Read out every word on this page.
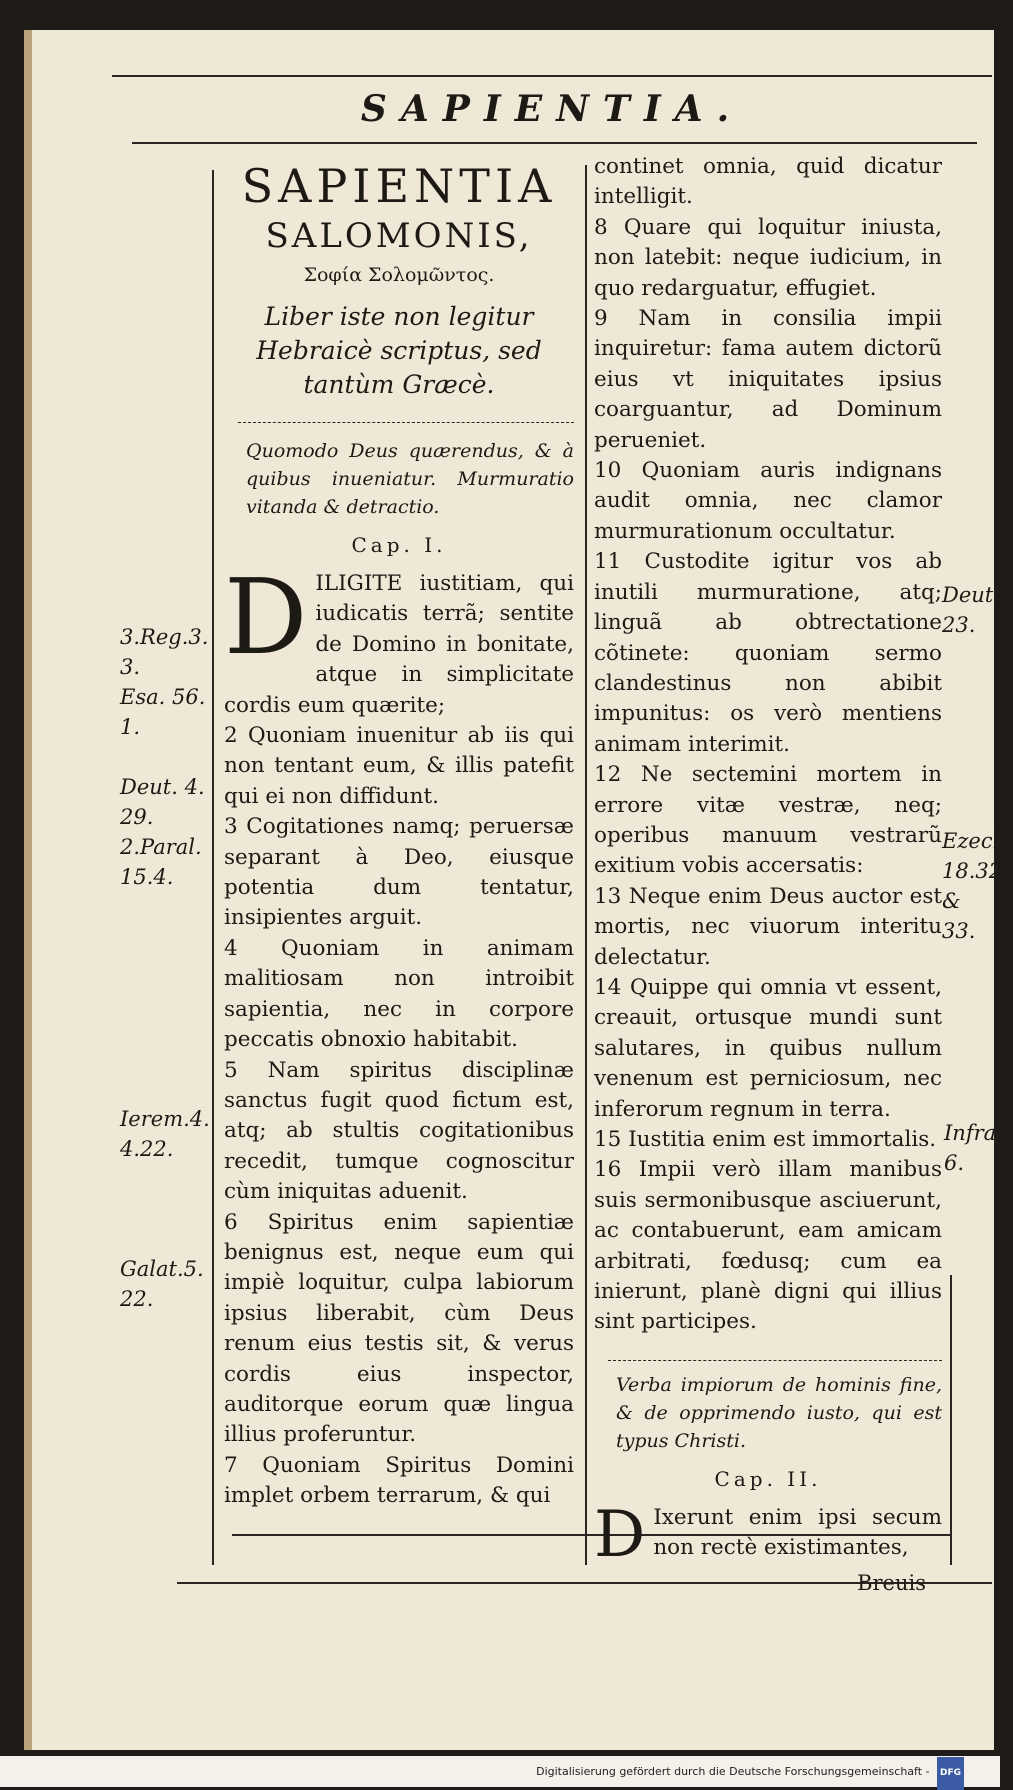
SAPIENTIA.
SAPIENTIA
SALOMONIS,
Σοφία Σολομῶντος.
Liber iste non legitur Hebraicè scriptus, sed tantùm Græcè.
Quomodo Deus quærendus, & à quibus inueniatur. Murmuratio vitanda & detractio.
Cap. I.

D ILIGITE iustitiam, qui iudicatis terrã; sentite de Domino in bonitate, atque in simplicitate cordis eum quærite;

2 Quoniam inuenitur ab iis qui non tentant eum, & illis patefit qui ei non diffidunt.

3 Cogitationes namq; peruersæ separant à Deo, eiusque potentia dum tentatur, insipientes arguit.

4 Quoniam in animam malitiosam non introibit sapientia, nec in corpore peccatis obnoxio habitabit.

5 Nam spiritus disciplinæ sanctus fugit quod fictum est, atq; ab stultis cogitationibus recedit, tumque cognoscitur cùm iniquitas aduenit.

6 Spiritus enim sapientiæ benignus est, neque eum qui impiè loquitur, culpa labiorum ipsius liberabit, cùm Deus renum eius testis sit, & verus cordis eius inspector, auditorque eorum quæ lingua illius proferuntur.

7 Quoniam Spiritus Domini implet orbem terrarum, & qui

continet omnia, quid dicatur intelligit.

8 Quare qui loquitur iniusta, non latebit: neque iudicium, in quo redarguatur, effugiet.

9 Nam in consilia impii inquiretur: fama autem dictorũ eius vt iniquitates ipsius coarguantur, ad Dominum perueniet.

10 Quoniam auris indignans audit omnia, nec clamor murmurationum occultatur.

11 Custodite igitur vos ab inutili murmuratione, atq; linguã ab obtrectatione cõtinete: quoniam sermo clandestinus non abibit impunitus: os verò mentiens animam interimit.

12 Ne sectemini mortem in errore vitæ vestræ, neq; operibus manuum vestrarũ exitium vobis accersatis:

13 Neque enim Deus auctor est mortis, nec viuorum interitu delectatur.

14 Quippe qui omnia vt essent, creauit, ortusque mundi sunt salutares, in quibus nullum venenum est perniciosum, nec inferorum regnum in terra.

15 Iustitia enim est immortalis.

16 Impii verò illam manibus suis sermonibusque asciuerunt, ac contabuerunt, eam amicam arbitrati, fœdusq; cum ea inierunt, planè digni qui illius sint participes.

Verba impiorum de hominis fine, & de opprimendo iusto, qui est typus Christi.
Cap. II.

D Ixerunt enim ipsi secum non rectè existimantes,

3.Reg.3.
3.
Esa. 56.
1.
Deut. 4.
29.
2.Paral.
15.4.
Ierem.4.
4.22.
Galat.5.
22.
Deut.
23.
Ezech.
18.32
& 33.
Infra
6.
Breuis
Digitalisierung gefördert durch die Deutsche Forschungsgemeinschaft - DFG
